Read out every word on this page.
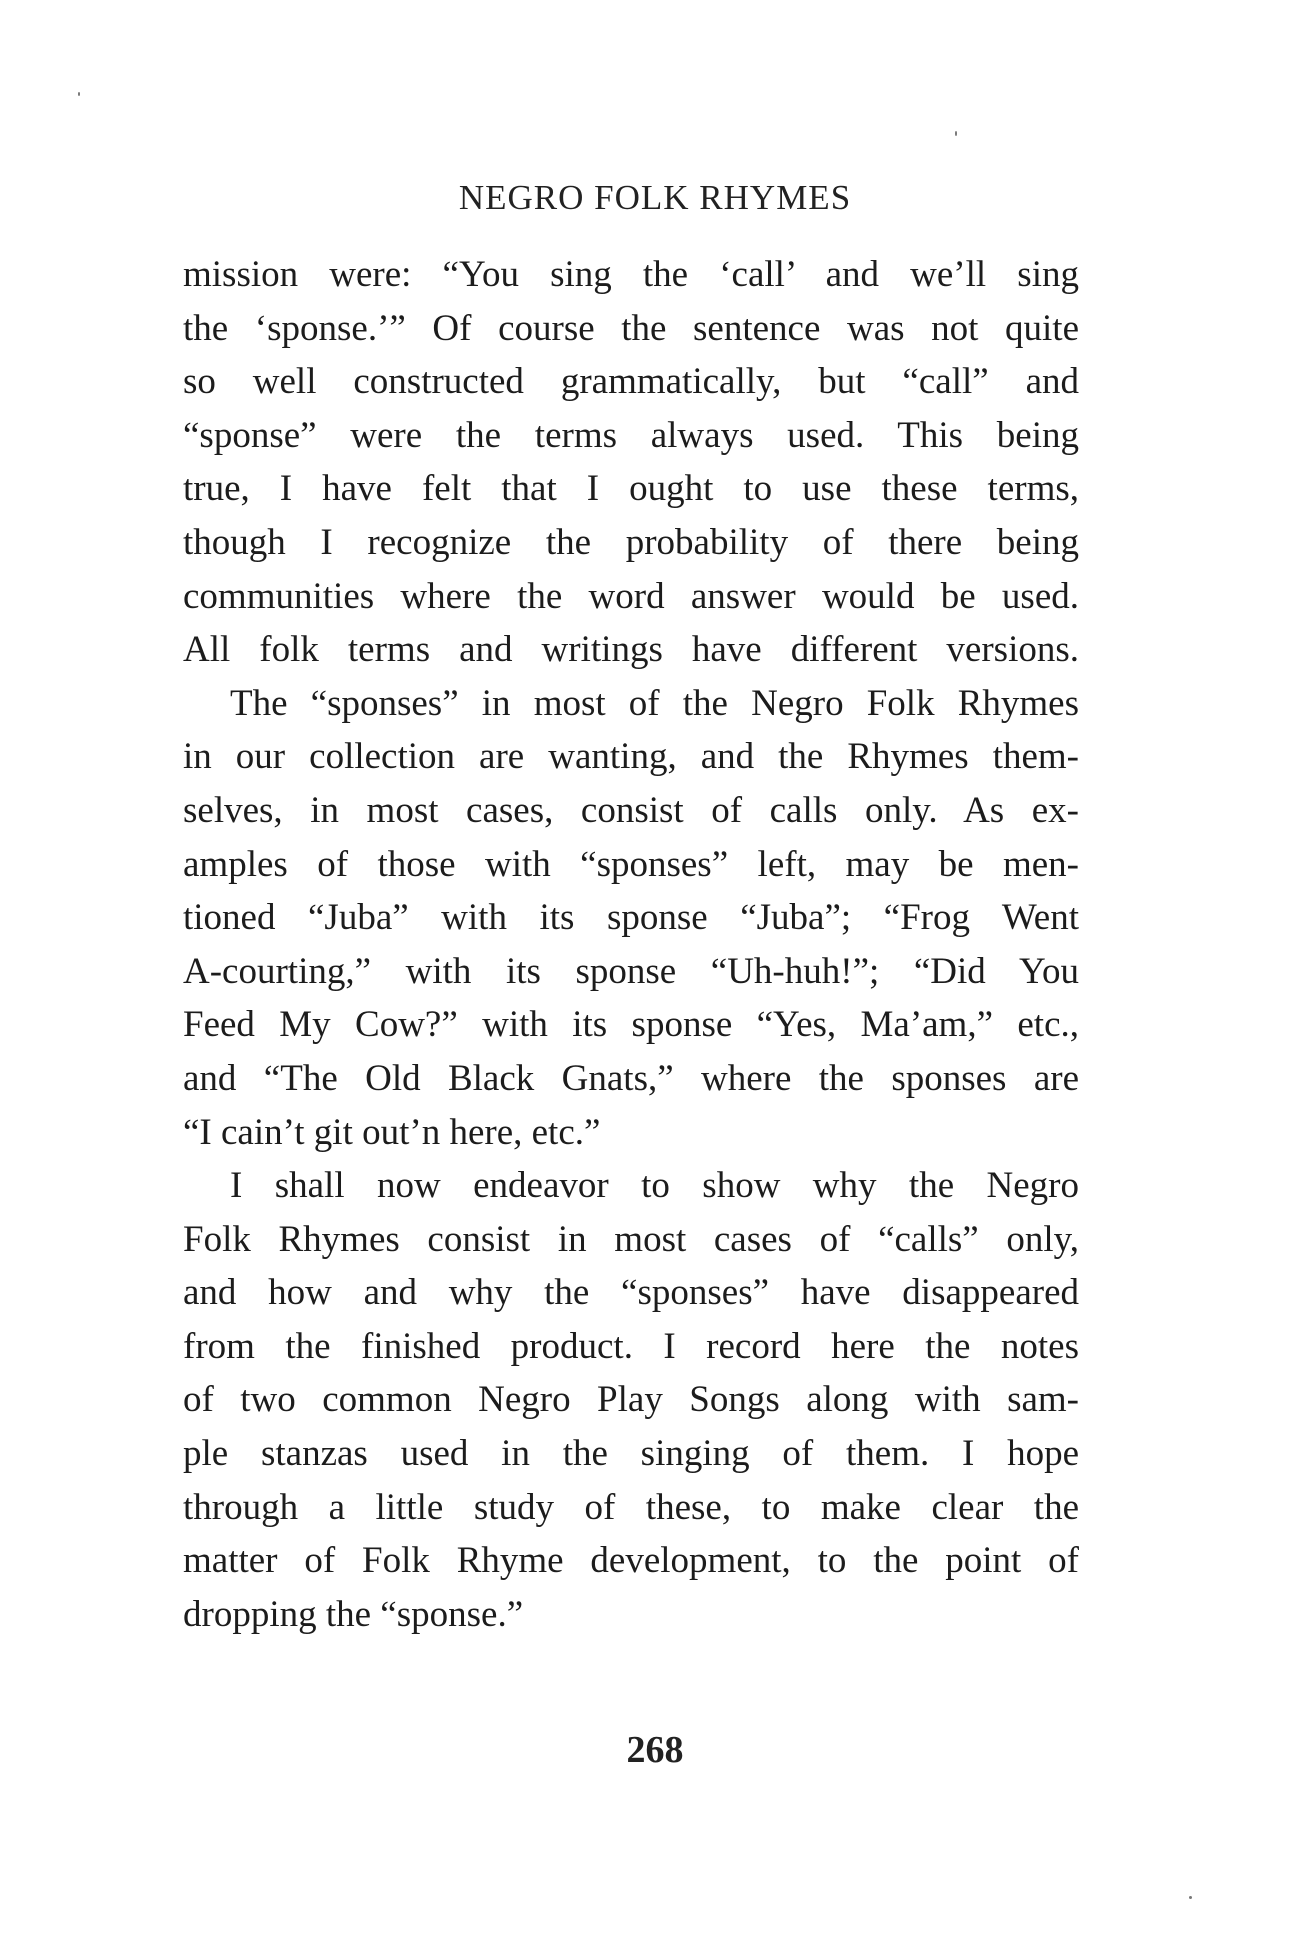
NEGRO FOLK RHYMES

mission were: “You sing the ‘call’ and we’ll sing
the ‘sponse.’” Of course the sentence was not quite
so well constructed grammatically, but “call” and
“sponse” were the terms always used. This being
true, I have felt that I ought to use these terms,
though I recognize the probability of there being
communities where the word answer would be used.
All folk terms and writings have different versions.

The “sponses” in most of the Negro Folk Rhymes
in our collection are wanting, and the Rhymes them-
selves, in most cases, consist of calls only. As ex-
amples of those with “sponses” left, may be men-
tioned “Juba” with its sponse “Juba”; “Frog Went
A-courting,” with its sponse “Uh-huh!”; “Did You
Feed My Cow?” with its sponse “Yes, Ma’am,” etc.,
and “The Old Black Gnats,” where the sponses are
“I cain’t git out’n here, etc.”

I shall now endeavor to show why the Negro
Folk Rhymes consist in most cases of “calls” only,
and how and why the “sponses” have disappeared
from the finished product. I record here the notes
of two common Negro Play Songs along with sam-
ple stanzas used in the singing of them. I hope
through a little study of these, to make clear the
matter of Folk Rhyme development, to the point of
dropping the “sponse.”

268
